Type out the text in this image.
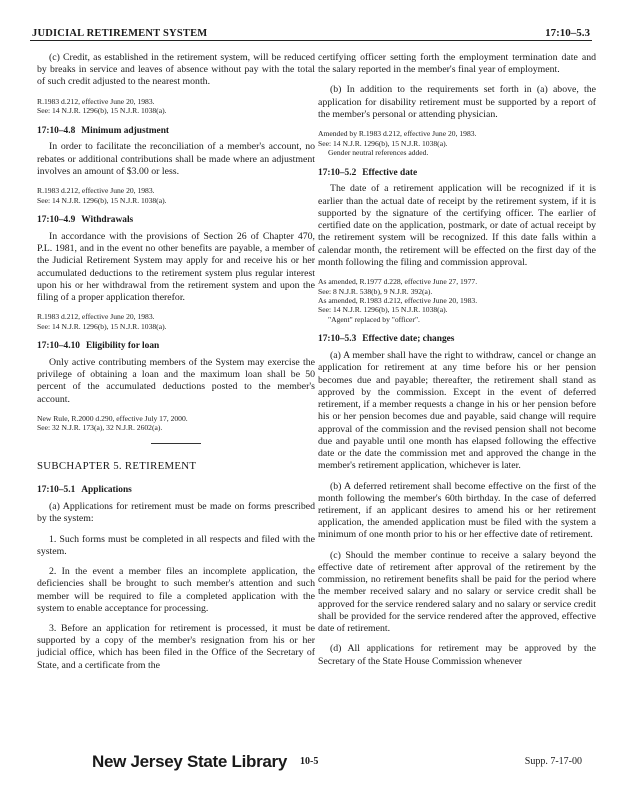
JUDICIAL RETIREMENT SYSTEM	17:10–5.3

(c) Credit, as established in the retirement system, will be reduced by breaks in service and leaves of absence without pay with the total of such credit adjusted to the nearest month.

R.1983 d.212, effective June 20, 1983.
See: 14 N.J.R. 1296(b), 15 N.J.R. 1038(a).
17:10–4.8 Minimum adjustment

In order to facilitate the reconciliation of a member's account, no rebates or additional contributions shall be made where an adjustment involves an amount of $3.00 or less.

R.1983 d.212, effective June 20, 1983.
See: 14 N.J.R. 1296(b), 15 N.J.R. 1038(a).
17:10–4.9 Withdrawals

In accordance with the provisions of Section 26 of Chapter 470, P.L. 1981, and in the event no other benefits are payable, a member of the Judicial Retirement System may apply for and receive his or her accumulated deductions to the retirement system plus regular interest upon his or her withdrawal from the retirement system and upon the filing of a proper application therefor.

R.1983 d.212, effective June 20, 1983.
See: 14 N.J.R. 1296(b), 15 N.J.R. 1038(a).
17:10–4.10 Eligibility for loan

Only active contributing members of the System may exercise the privilege of obtaining a loan and the maximum loan shall be 50 percent of the accumulated deductions posted to the member's account.

New Rule, R.2000 d.290, effective July 17, 2000.
See: 32 N.J.R. 173(a), 32 N.J.R. 2602(a).
SUBCHAPTER 5. RETIREMENT
17:10–5.1 Applications

(a) Applications for retirement must be made on forms prescribed by the system:

1. Such forms must be completed in all respects and filed with the system.

2. In the event a member files an incomplete application, the deficiencies shall be brought to such member's attention and such member will be required to file a completed application with the system to enable acceptance for processing.

3. Before an application for retirement is processed, it must be supported by a copy of the member's resignation from his or her judicial office, which has been filed in the Office of the Secretary of State, and a certificate from the

certifying officer setting forth the employment termination date and the salary reported in the member's final year of employment.

(b) In addition to the requirements set forth in (a) above, the application for disability retirement must be supported by a report of the member's personal or attending physician.

Amended by R.1983 d.212, effective June 20, 1983.
See: 14 N.J.R. 1296(b), 15 N.J.R. 1038(a).
Gender neutral references added.
17:10–5.2 Effective date

The date of a retirement application will be recognized if it is earlier than the actual date of receipt by the retirement system, if it is supported by the signature of the certifying officer. The earlier of certified date on the application, postmark, or date of actual receipt by the retirement system will be recognized. If this date falls within a calendar month, the retirement will be effected on the first day of the month following the filing and commission approval.

As amended, R.1977 d.228, effective June 27, 1977.
See: 8 N.J.R. 538(b), 9 N.J.R. 392(a).
As amended, R.1983 d.212, effective June 20, 1983.
See: 14 N.J.R. 1296(b), 15 N.J.R. 1038(a).
"Agent" replaced by "officer".
17:10–5.3 Effective date; changes

(a) A member shall have the right to withdraw, cancel or change an application for retirement at any time before his or her pension becomes due and payable; thereafter, the retirement shall stand as approved by the commission. Except in the event of deferred retirement, if a member requests a change in his or her pension before his or her pension becomes due and payable, said change will require approval of the commission and the revised pension shall not become due and payable until one month has elapsed following the effective date or the date the commission met and approved the change in the member's retirement application, whichever is later.

(b) A deferred retirement shall become effective on the first of the month following the member's 60th birthday. In the case of deferred retirement, if an applicant desires to amend his or her retirement application, the amended application must be filed with the system a minimum of one month prior to his or her effective date of retirement.

(c) Should the member continue to receive a salary beyond the effective date of retirement after approval of the retirement by the commission, no retirement benefits shall be paid for the period where the member received salary and no salary or service credit shall be approved for the service rendered salary and no salary or service credit shall be provided for the service rendered after the approved, effective date of retirement.

(d) All applications for retirement may be approved by the Secretary of the State House Commission whenever

New Jersey State Library 10-5	Supp. 7-17-00
